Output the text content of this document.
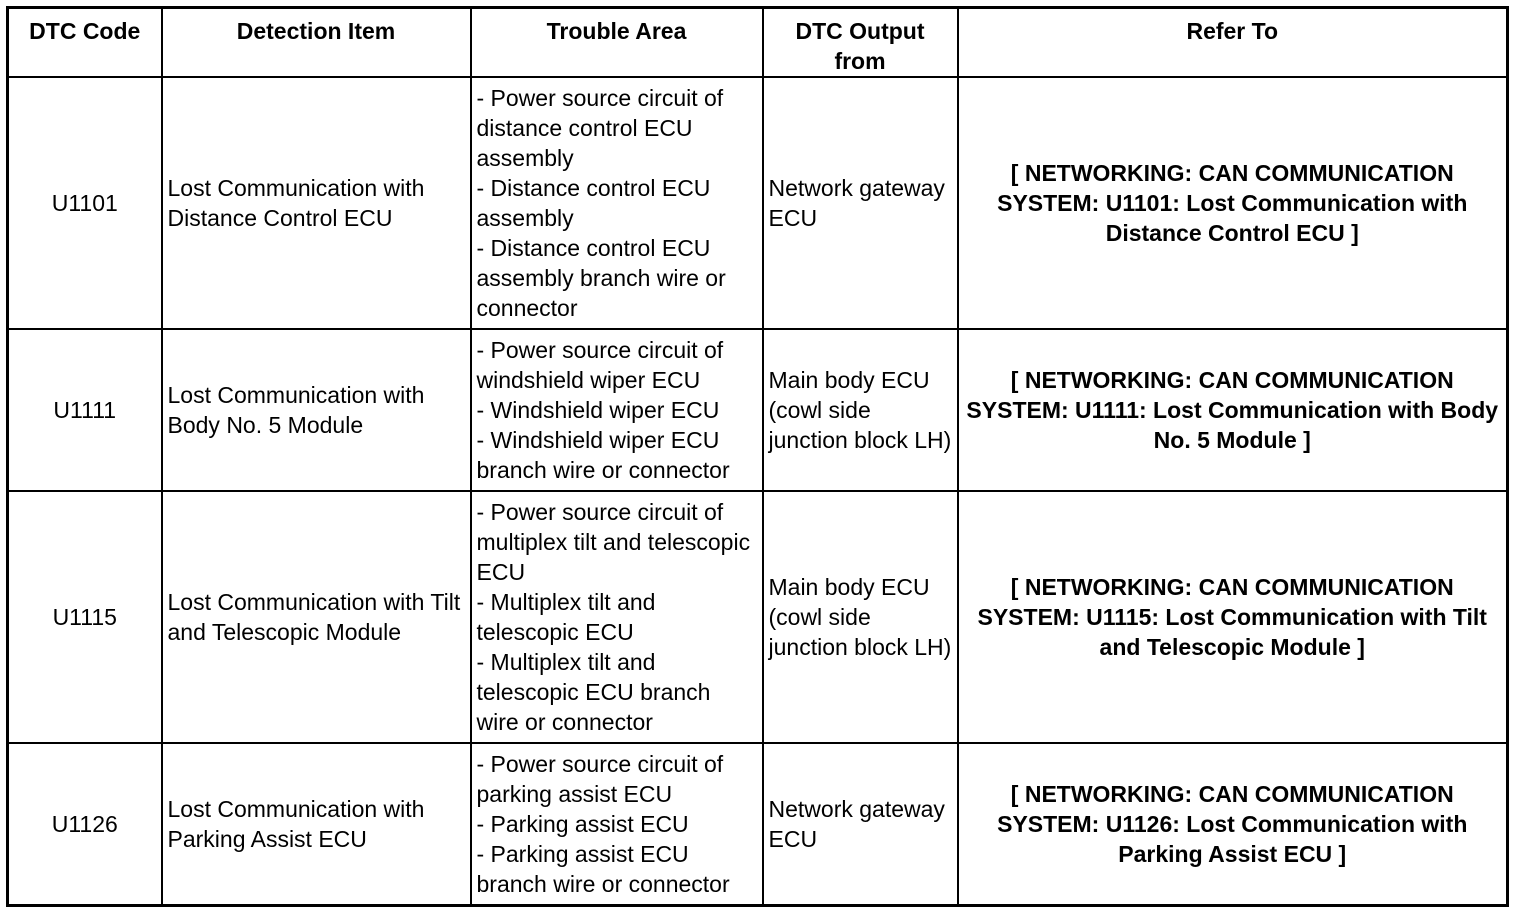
DTC Code	Detection Item	Trouble Area	DTC Output from	Refer To
U1101	Lost Communication with Distance Control ECU	- Power source circuit of distance control ECU assembly
- Distance control ECU assembly
- Distance control ECU assembly branch wire or connector	Network gateway ECU	[ NETWORKING: CAN COMMUNICATION SYSTEM: U1101: Lost Communication with Distance Control ECU ]
U1111	Lost Communication with Body No. 5 Module	- Power source circuit of windshield wiper ECU
- Windshield wiper ECU
- Windshield wiper ECU branch wire or connector	Main body ECU (cowl side junction block LH)	[ NETWORKING: CAN COMMUNICATION SYSTEM: U1111: Lost Communication with Body No. 5 Module ]
U1115	Lost Communication with Tilt and Telescopic Module	- Power source circuit of multiplex tilt and telescopic ECU
- Multiplex tilt and telescopic ECU
- Multiplex tilt and telescopic ECU branch wire or connector	Main body ECU (cowl side junction block LH)	[ NETWORKING: CAN COMMUNICATION SYSTEM: U1115: Lost Communication with Tilt and Telescopic Module ]
U1126	Lost Communication with Parking Assist ECU	- Power source circuit of parking assist ECU
- Parking assist ECU
- Parking assist ECU branch wire or connector	Network gateway ECU	[ NETWORKING: CAN COMMUNICATION SYSTEM: U1126: Lost Communication with Parking Assist ECU ]
